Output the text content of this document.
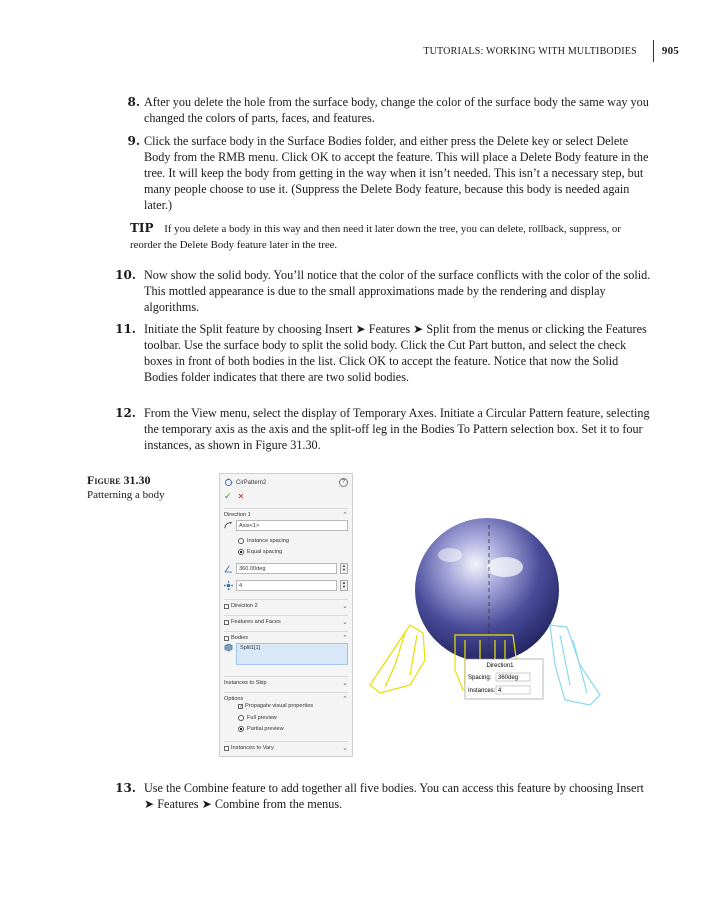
TUTORIALS: WORKING WITH MULTIBODIES	905
8. After you delete the hole from the surface body, change the color of the surface body the same way you changed the colors of parts, faces, and features.
9. Click the surface body in the Surface Bodies folder, and either press the Delete key or select Delete Body from the RMB menu. Click OK to accept the feature. This will place a Delete Body feature in the tree. It will keep the body from getting in the way when it isn’t needed. This isn’t a necessary step, but many people choose to use it. (Suppress the Delete Body feature, because this body is needed again later.)
TIP If you delete a body in this way and then need it later down the tree, you can delete, rollback, suppress, or reorder the Delete Body feature later in the tree.
10. Now show the solid body. You’ll notice that the color of the surface conflicts with the color of the solid. This mottled appearance is due to the small approximations made by the rendering and display algorithms.
11. Initiate the Split feature by choosing Insert ➤ Features ➤ Split from the menus or clicking the Features toolbar. Use the surface body to split the solid body. Click the Cut Part button, and select the check boxes in front of both bodies in the list. Click OK to accept the feature. Notice that now the Solid Bodies folder indicates that there are two solid bodies.
12. From the View menu, select the display of Temporary Axes. Initiate a Circular Pattern feature, selecting the temporary axis as the axis and the split-off leg in the Bodies To Pattern selection box. Set it to four instances, as shown in Figure 31.30.
Figure 31.30
Patterning a body
CirPattern2	?
✓ ✕
Direction 1	⌃
Axis<1>
Instance spacing
Equal spacing
360.00deg	▲
▼
4	▲
▼
Direction 2	⌄
Features and Faces	⌄
Bodies	⌃
Split1[1]
Instances to Skip	⌄
Options	⌃
✓ Propagate visual properties
Full preview
Partial preview
Instances to Vary	⌄
Direction1
Spacing: 360deg
Instances: 4
13. Use the Combine feature to add together all five bodies. You can access this feature by choosing Insert ➤ Features ➤ Combine from the menus.
